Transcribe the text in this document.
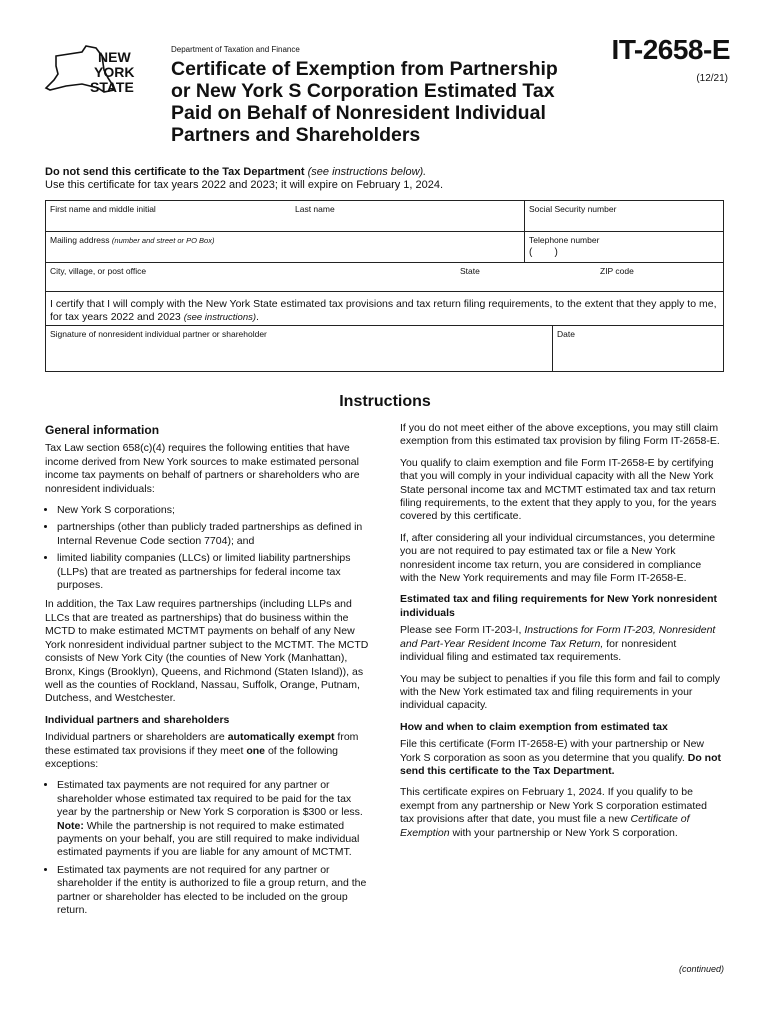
NEW
YORK
STATE
Department of Taxation and Finance
Certificate of Exemption from Partnership
or New York S Corporation Estimated Tax
Paid on Behalf of Nonresident Individual
Partners and Shareholders
IT-2658-E
(12/21)
Do not send this certificate to the Tax Department (see instructions below).
Use this certificate for tax years 2022 and 2023; it will expire on February 1, 2024.
First name and middle initial	Last name	Social Security number
Mailing address (number and street or PO Box)	Telephone number
(        )
City, village, or post office	State	ZIP code
I certify that I will comply with the New York State estimated tax provisions and tax return filing requirements, to the extent that they apply to me, for tax years 2022 and 2023 (see instructions).
Signature of nonresident individual partner or shareholder	Date
Instructions
General information

Tax Law section 658(c)(4) requires the following entities that have income derived from New York sources to make estimated personal income tax payments on behalf of partners or shareholders who are nonresident individuals:

• New York S corporations;
• partnerships (other than publicly traded partnerships as defined in Internal Revenue Code section 7704); and
• limited liability companies (LLCs) or limited liability partnerships (LLPs) that are treated as partnerships for federal income tax purposes.

In addition, the Tax Law requires partnerships (including LLPs and LLCs that are treated as partnerships) that do business within the MCTD to make estimated MCTMT payments on behalf of any New York nonresident individual partner subject to the MCTMT. The MCTD consists of New York City (the counties of New York (Manhattan), Bronx, Kings (Brooklyn), Queens, and Richmond (Staten Island)), as well as the counties of Rockland, Nassau, Suffolk, Orange, Putnam, Dutchess, and Westchester.

Individual partners and shareholders

Individual partners or shareholders are automatically exempt from these estimated tax provisions if they meet one of the following exceptions:

• Estimated tax payments are not required for any partner or shareholder whose estimated tax required to be paid for the tax year by the partnership or New York S corporation is $300 or less. Note: While the partnership is not required to make estimated payments on your behalf, you are still required to make individual estimated payments if you are liable for any amount of MCTMT.
• Estimated tax payments are not required for any partner or shareholder if the entity is authorized to file a group return, and the partner or shareholder has elected to be included on the group return.

If you do not meet either of the above exceptions, you may still claim exemption from this estimated tax provision by filing Form IT-2658-E.

You qualify to claim exemption and file Form IT-2658-E by certifying that you will comply in your individual capacity with all the New York State personal income tax and MCTMT estimated tax and tax return filing requirements, to the extent that they apply to you, for the years covered by this certificate.

If, after considering all your individual circumstances, you determine you are not required to pay estimated tax or file a New York nonresident income tax return, you are considered in compliance with the New York requirements and may file Form IT-2658-E.

Estimated tax and filing requirements for New York nonresident individuals

Please see Form IT-203-I, Instructions for Form IT-203, Nonresident and Part-Year Resident Income Tax Return, for nonresident individual filing and estimated tax requirements.

You may be subject to penalties if you file this form and fail to comply with the New York estimated tax and filing requirements in your individual capacity.

How and when to claim exemption from estimated tax

File this certificate (Form IT-2658-E) with your partnership or New York S corporation as soon as you determine that you qualify. Do not send this certificate to the Tax Department.

This certificate expires on February 1, 2024. If you qualify to be exempt from any partnership or New York S corporation estimated tax provisions after that date, you must file a new Certificate of Exemption with your partnership or New York S corporation.

(continued)
